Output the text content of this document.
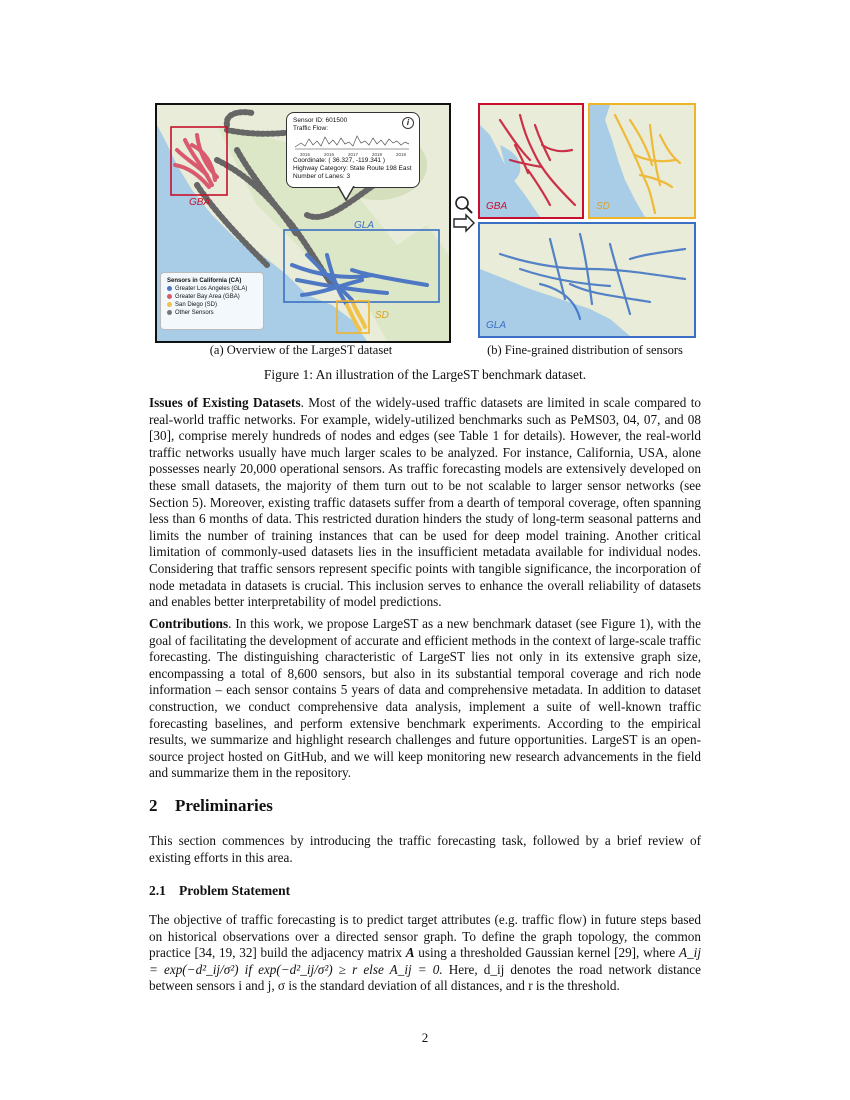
GBA
GLA
SD
Sensor ID: 601500
Traffic Flow:
2015	2016	2017	2018	2019
Coordinate: ( 36.327, -119.341 )
Highway Category: State Route 198 East
Number of Lanes: 3
i
Sensors in California (CA)
Greater Los Angeles (GLA)
Greater Bay Area (GBA)
San Diego (SD)
Other Sensors
GBA	SD
GLA
(a) Overview of the LargeST dataset	(b) Fine-grained distribution of sensors
Figure 1: An illustration of the LargeST benchmark dataset.
Issues of Existing Datasets. Most of the widely-used traffic datasets are limited in scale compared to real-world traffic networks. For example, widely-utilized benchmarks such as PeMS03, 04, 07, and 08 [30], comprise merely hundreds of nodes and edges (see Table 1 for details). However, the real-world traffic networks usually have much larger scales to be analyzed. For instance, California, USA, alone possesses nearly 20,000 operational sensors. As traffic forecasting models are extensively developed on these small datasets, the majority of them turn out to be not scalable to larger sensor networks (see Section 5). Moreover, existing traffic datasets suffer from a dearth of temporal coverage, often spanning less than 6 months of data. This restricted duration hinders the study of long-term seasonal patterns and limits the number of training instances that can be used for deep model training. Another critical limitation of commonly-used datasets lies in the insufficient metadata available for individual nodes. Considering that traffic sensors represent specific points with tangible significance, the incorporation of node metadata in datasets is crucial. This inclusion serves to enhance the overall reliability of datasets and enables better interpretability of model predictions.
Contributions. In this work, we propose LargeST as a new benchmark dataset (see Figure 1), with the goal of facilitating the development of accurate and efficient methods in the context of large-scale traffic forecasting. The distinguishing characteristic of LargeST lies not only in its extensive graph size, encompassing a total of 8,600 sensors, but also in its substantial temporal coverage and rich node information – each sensor contains 5 years of data and comprehensive metadata. In addition to dataset construction, we conduct comprehensive data analysis, implement a suite of well-known traffic forecasting baselines, and perform extensive benchmark experiments. According to the empirical results, we summarize and highlight research challenges and future opportunities. LargeST is an open-source project hosted on GitHub, and we will keep monitoring new research advancements in the field and summarize them in the repository.
2 Preliminaries
This section commences by introducing the traffic forecasting task, followed by a brief review of existing efforts in this area.
2.1 Problem Statement
The objective of traffic forecasting is to predict target attributes (e.g. traffic flow) in future steps based on historical observations over a directed sensor graph. To define the graph topology, the common practice [34, 19, 32] build the adjacency matrix A using a thresholded Gaussian kernel [29], where A_ij = exp(−d²_ij/σ²) if exp(−d²_ij/σ²) ≥ r else A_ij = 0. Here, d_ij denotes the road network distance between sensors i and j, σ is the standard deviation of all distances, and r is the threshold.
2
